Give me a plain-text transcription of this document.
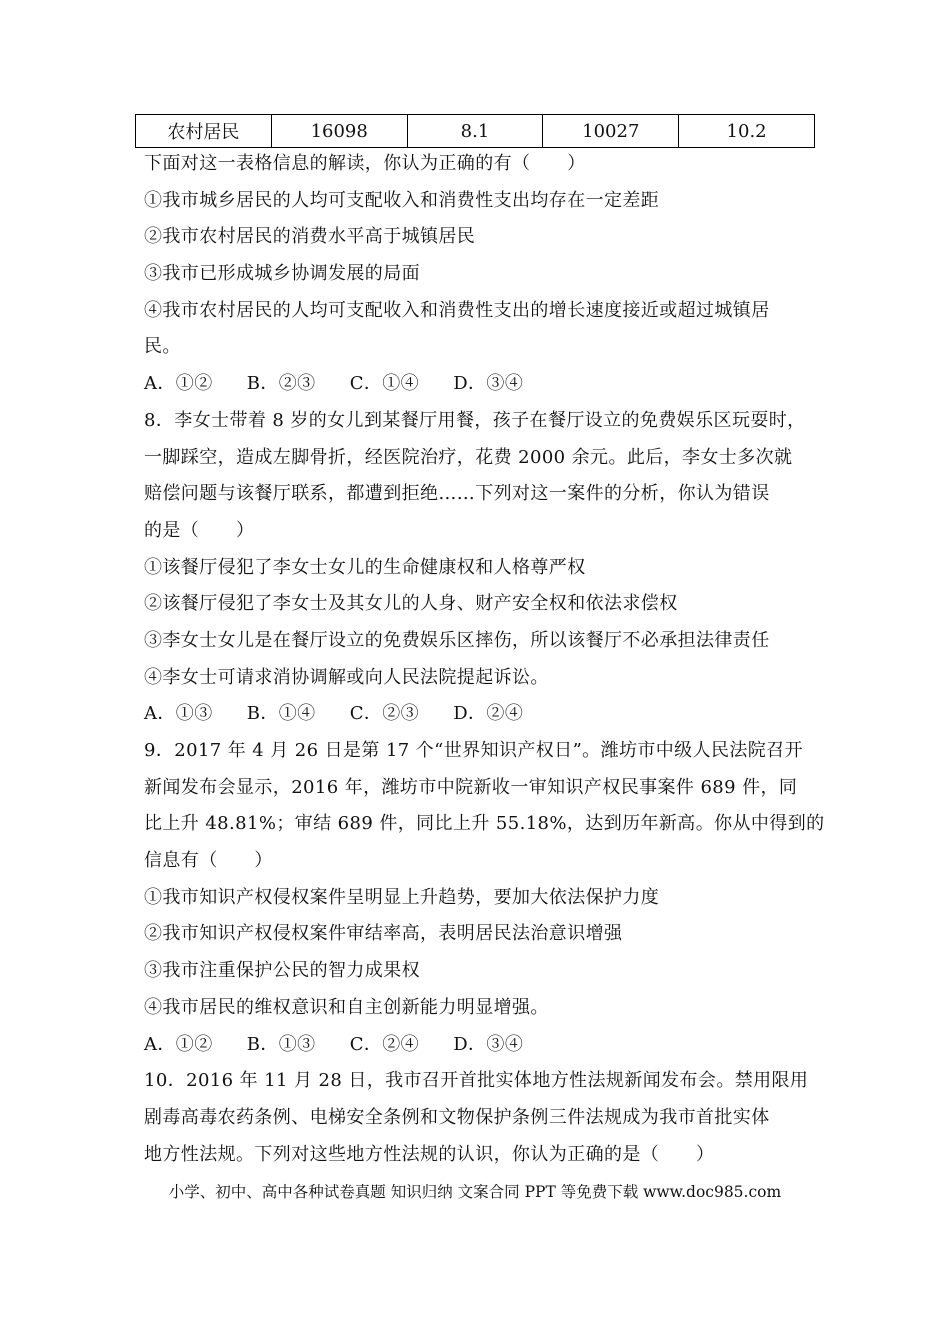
农村居民	16098	8.1	10027	10.2
下面对这一表格信息的解读，你认为正确的有（　　）
①我市城乡居民的人均可支配收入和消费性支出均存在一定差距
②我市农村居民的消费水平高于城镇居民
③我市已形成城乡协调发展的局面
④我市农村居民的人均可支配收入和消费性支出的增长速度接近或超过城镇居
民。
A．①② B．②③ C．①④ D．③④
8．李女士带着 8 岁的女儿到某餐厅用餐，孩子在餐厅设立的免费娱乐区玩耍时，
一脚踩空，造成左脚骨折，经医院治疗，花费 2000 余元。此后，李女士多次就
赔偿问题与该餐厅联系，都遭到拒绝……下列对这一案件的分析，你认为错误
的是（　　）
①该餐厅侵犯了李女士女儿的生命健康权和人格尊严权
②该餐厅侵犯了李女士及其女儿的人身、财产安全权和依法求偿权
③李女士女儿是在餐厅设立的免费娱乐区摔伤，所以该餐厅不必承担法律责任
④李女士可请求消协调解或向人民法院提起诉讼。
A．①③ B．①④ C．②③ D．②④
9．2017 年 4 月 26 日是第 17 个“世界知识产权日”。潍坊市中级人民法院召开
新闻发布会显示，2016 年，潍坊市中院新收一审知识产权民事案件 689 件，同
比上升 48.81%；审结 689 件，同比上升 55.18%，达到历年新高。你从中得到的
信息有（　　）
①我市知识产权侵权案件呈明显上升趋势，要加大依法保护力度
②我市知识产权侵权案件审结率高，表明居民法治意识增强
③我市注重保护公民的智力成果权
④我市居民的维权意识和自主创新能力明显增强。
A．①② B．①③ C．②④ D．③④
10．2016 年 11 月 28 日，我市召开首批实体地方性法规新闻发布会。禁用限用
剧毒高毒农药条例、电梯安全条例和文物保护条例三件法规成为我市首批实体
地方性法规。下列对这些地方性法规的认识，你认为正确的是（　　）
小学、初中、高中各种试卷真题 知识归纳 文案合同 PPT 等免费下载 www.doc985.com
